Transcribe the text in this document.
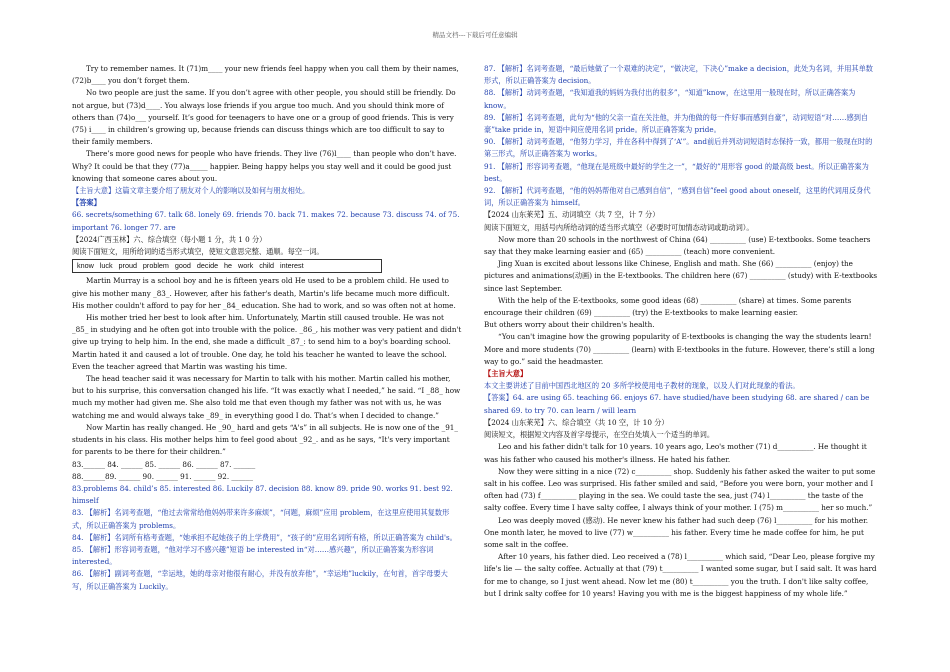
精品文档---下载后可任意编辑

Try to remember names. It (71)m____ your new friends feel happy when you call them by their names, (72)b____ you don’t forget them.

No two people are just the same. If you don’t agree with other people, you should still be friendly. Do not argue, but (73)d____. You always lose friends if you argue too much. And you should think more of others than (74)o___ yourself. It’s good for teenagers to have one or a group of good friends. This is very (75) i____ in children’s growing up, because friends can discuss things which are too difficult to say to their family members.

There’s more good news for people who have friends. They live (76)l____ than people who don’t have. Why? It could be that they (77)a_____ happier. Being happy helps you stay well and it could be good just knowing that someone cares about you.

【主旨大意】这篇文章主要介绍了朋友对个人的影响以及如何与朋友相处。

【答案】

66. secrets/something 67. talk 68. lonely 69. friends 70. back 71. makes 72. because 73. discuss 74. of 75. important 76. longer 77. are

【2024广西玉林】六、综合填空（每小题 1 分，共 1 0 分）

阅读下面短文，用所给词的适当形式填空，使短文意思完整、通顺。每空一词。

know luck proud problem good decide he work child interest

Martin Murray is a school boy and he is fifteen years old He used to be a problem child. He used to give his mother many _83_. However, after his father's death, Martin's life became much more difficult. His mother couldn't afford to pay for her _84_ education. She had to work, and so was often not at home.

His mother tried her best to look after him. Unfortunately, Martin still caused trouble. He was not _85_ in studying and he often got into trouble with the police. _86_, his mother was very patient and didn't give up trying to help him. In the end, she made a difficult _87_: to send him to a boy's boarding school. Martin hated it and caused a lot of trouble. One day, he told his teacher he wanted to leave the school. Even the teacher agreed that Martin was wasting his time.

The head teacher said it was necessary for Martin to talk with his mother. Martin called his mother, but to his surprise, this conversation changed his life. “It was exactly what I needed,” he said. “I _88_ how much my mother had given me. She also told me that even though my father was not with us, he was watching me and would always take _89_ in everything good I do. That’s when I decided to change.”

Now Martin has really changed. He _90_ hard and gets “A's” in all subjects. He is now one of the _91_ students in his class. His mother helps him to feel good about _92_. and as he says, “It's very important for parents to be there for their children.”

83.______ 84. ______ 85. ______ 86. ______ 87. ______

88.______89. ______ 90. ______ 91. ______ 92. ______

83.problems 84. child’s 85. interested 86. Luckily 87. decision 88. know 89. pride 90. works 91. best 92. himself

83. 【解析】名词考查题，“他过去常常给他妈妈带来许多麻烦”，“问题，麻烦”应用 problem，在这里应使用其复数形式，所以正确答案为 problems。

84. 【解析】名词所有格考查题，“她承担不起她孩子的上学费用”，“孩子的”应用名词所有格，所以正确答案为 child's。

85. 【解析】形容词考查题，“他对学习不感兴趣”短语 be interested in“对……感兴趣”，所以正确答案为形容词 interested。

86. 【解析】副词考查题，“幸运地，她的母亲对他很有耐心，并没有放弃他”，“幸运地”luckily，在句首，首字母要大写，所以正确答案为 Luckily。

87. 【解析】名词考查题，“最后她做了一个艰难的决定”，“做决定，下决心”make a decision，此处为名词，并用其单数形式，所以正确答案为 decision。

88. 【解析】动词考查题，“我知道我的妈妈为我付出的很多”，“知道”know，在这里用一般现在时，所以正确答案为 know。

89. 【解析】名词考查题，此句为“他的父亲一直在关注他，并为他做的每一件好事而感到自豪”，动词短语“对……感到自豪”take pride in，短语中间应使用名词 pride。所以正确答案为 pride。

90. 【解析】动词考查题，“他努力学习，并在各科中得到了‘A’”。and前后并列动词短语时态保持一致，都用一般现在时的第三形式，所以正确答案为 works。

91. 【解析】形容词考查题，“他现在是班级中最好的学生之一”，“最好的”用形容 good 的最高级 best。所以正确答案为 best。

92. 【解析】代词考查题，“他的妈妈帮他对自己感到自信”，“感到自信”feel good about oneself，这里的代词用反身代词，所以正确答案为 himself。

【2024 山东莱芜】五、动词填空（共 7 空，计 7 分）

阅读下面短文，用括号内所给动词的适当形式填空（必要时可加情态动词或助动词）。

Now more than 20 schools in the northwest of China (64) __________ (use) E-textbooks. Some teachers say that they make learning easier and (65) __________ (teach) more convenient.

Jing Xuan is excited about lessons like Chinese, English and math. She (66) __________ (enjoy) the pictures and animations(动画) in the E-textbooks. The children here (67) __________ (study) with E-textbooks since last September.

With the help of the E-textbooks, some good ideas (68) __________ (share) at times. Some parents encourage their children (69) __________ (try) the E-textbooks to make learning easier.

But others worry about their children's health.

“You can't imagine how the growing popularity of E-textbooks is changing the way the students learn! More and more students (70) __________ (learn) with E-textbooks in the future. However, there’s still a long way to go.” said the headmaster.

【主旨大意】

本文主要讲述了目前中国西北地区的 20 多所学校使用电子教材的现象，以及人们对此现象的看法。

【答案】64. are using 65. teaching 66. enjoys 67. have studied/have been studying 68. are shared / can be shared 69. to try 70. can learn / will learn

【2024 山东莱芜】六、综合填空（共 10 空，计 10 分）

阅读短文，根据短文内容及首字母提示，在空白处填入一个适当的单词。

Leo and his father didn't talk for 10 years. 10 years ago, Leo's mother (71) d__________. He thought it was his father who caused his mother's illness. He hated his father.

Now they were sitting in a nice (72) c__________ shop. Suddenly his father asked the waiter to put some salt in his coffee. Leo was surprised. His father smiled and said, “Before you were born, your mother and I often had (73) f__________ playing in the sea. We could taste the sea, just (74) l__________ the taste of the salty coffee. Every time I have salty coffee, I always think of your mother. I (75) m__________ her so much.”

Leo was deeply moved (感动). He never knew his father had such deep (76) l__________ for his mother. One month later, he moved to live (77) w__________ his father. Every time he made coffee for him, he put some salt in the coffee.

After 10 years, his father died. Leo received a (78) l__________ which said, “Dear Leo, please forgive my life's lie — the salty coffee. Actually at that (79) t__________ I wanted some sugar, but I said salt. It was hard for me to change, so I just went ahead. Now let me (80) t__________ you the truth. I don't like salty coffee, but I drink salty coffee for 10 years! Having you with me is the biggest happiness of my whole life.”
